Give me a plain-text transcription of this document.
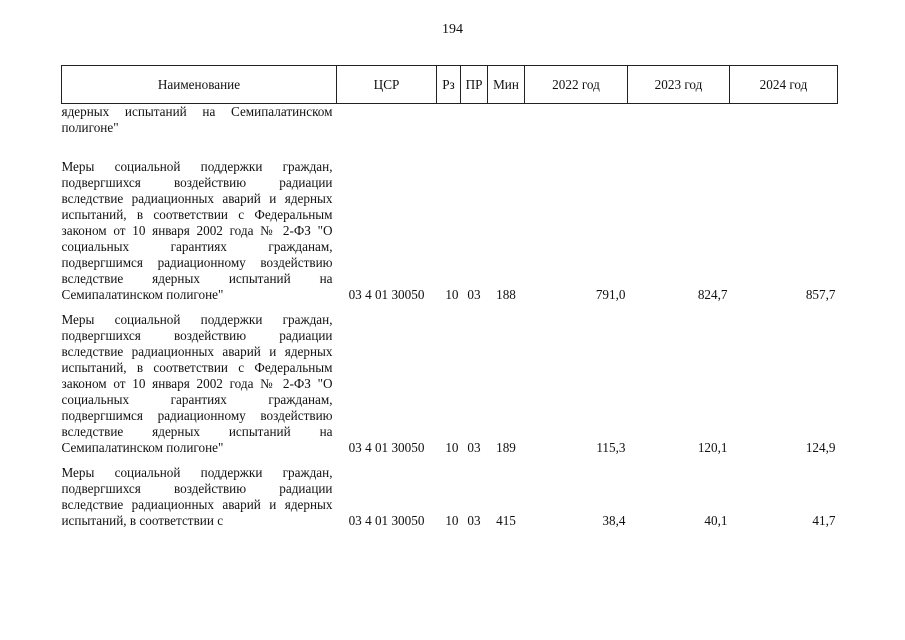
194
Наименование	ЦСР	Рз	ПР	Мин	2022 год	2023 год	2024 год
ядерных испытаний на Семипалатинском полигоне"							
Меры социальной поддержки граждан, подвергшихся воздействию радиации вследствие радиационных аварий и ядерных испытаний, в соответствии с Федеральным законом от 10 января 2002 года № 2-ФЗ "О социальных гарантиях гражданам, подвергшимся радиационному воздействию вследствие ядерных испытаний на Семипалатинском полигоне"	03 4 01 30050	10	03	188	791,0	824,7	857,7

Меры социальной поддержки граждан, подвергшихся воздействию радиации вследствие радиационных аварий и ядерных испытаний, в соответствии с Федеральным законом от 10 января 2002 года № 2-ФЗ "О социальных гарантиях гражданам, подвергшимся радиационному воздействию вследствие ядерных испытаний на Семипалатинском полигоне"	03 4 01 30050	10	03	189	115,3	120,1	124,9

Меры социальной поддержки граждан, подвергшихся воздействию радиации вследствие радиационных аварий и ядерных испытаний, в соответствии с	03 4 01 30050	10	03	415	38,4	40,1	41,7
